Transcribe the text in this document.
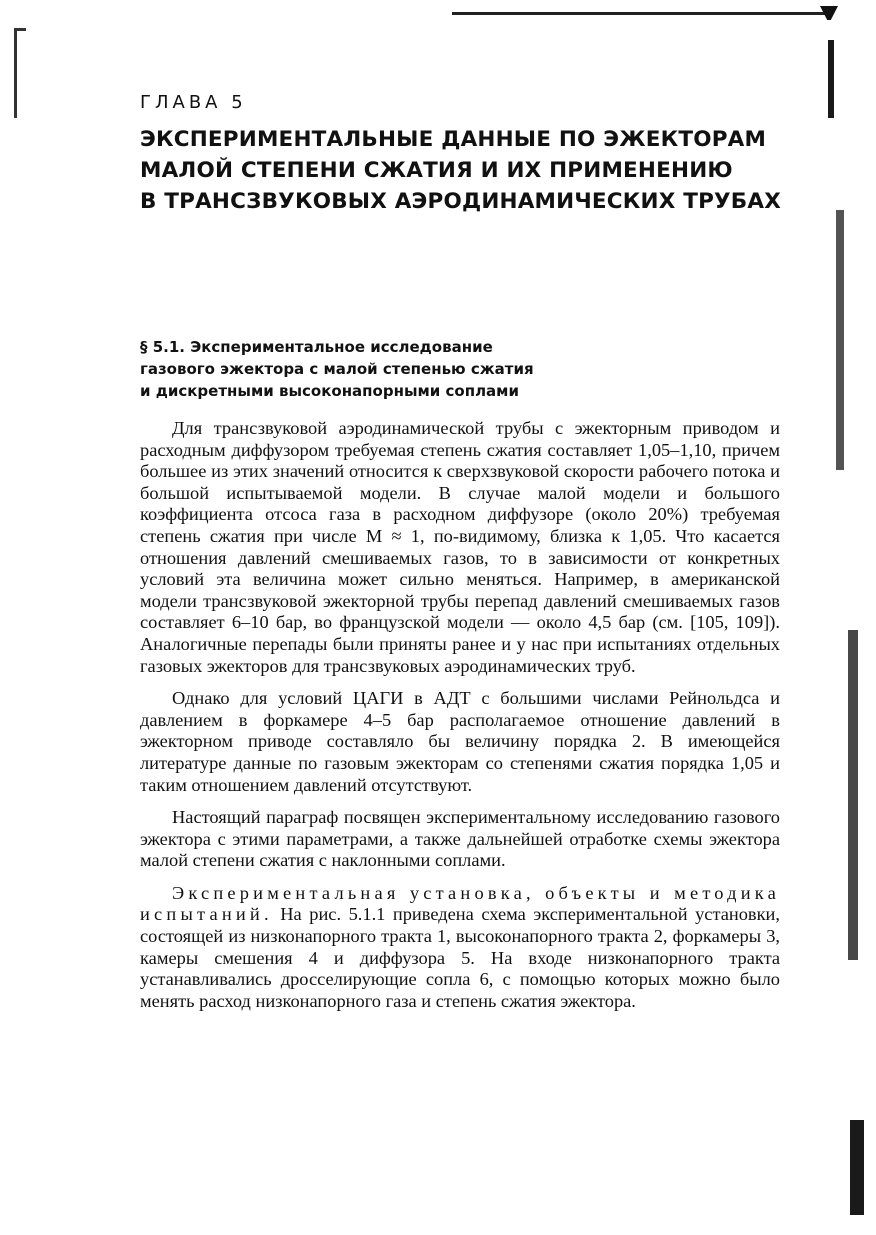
ГЛАВА 5
ЭКСПЕРИМЕНТАЛЬНЫЕ ДАННЫЕ ПО ЭЖЕКТОРАМ
МАЛОЙ СТЕПЕНИ СЖАТИЯ И ИХ ПРИМЕНЕНИЮ
В ТРАНСЗВУКОВЫХ АЭРОДИНАМИЧЕСКИХ ТРУБАХ
§ 5.1. Экспериментальное исследование
газового эжектора с малой степенью сжатия
и дискретными высоконапорными соплами

Для трансзвуковой аэродинамической трубы с эжекторным приводом и расходным диффузором требуемая степень сжатия составляет 1,05–1,10, причем большее из этих значений относится к сверхзвуковой скорости рабочего потока и большой испытываемой модели. В случае малой модели и большого коэффициента отсоса газа в расходном диффузоре (около 20%) требуемая степень сжатия при числе M ≈ 1, по-видимому, близка к 1,05. Что касается отношения давлений смешиваемых газов, то в зависимости от конкретных условий эта величина может сильно меняться. Например, в американской модели трансзвуковой эжекторной трубы перепад давлений смешиваемых газов составляет 6–10 бар, во французской модели — около 4,5 бар (см. [105, 109]). Аналогичные перепады были приняты ранее и у нас при испытаниях отдельных газовых эжекторов для трансзвуковых аэродинамических труб.

Однако для условий ЦАГИ в АДТ с большими числами Рейнольдса и давлением в форкамере 4–5 бар располагаемое отношение давлений в эжекторном приводе составляло бы величину порядка 2. В имеющейся литературе данные по газовым эжекторам со степенями сжатия порядка 1,05 и таким отношением давлений отсутствуют.

Настоящий параграф посвящен экспериментальному исследованию газового эжектора с этими параметрами, а также дальнейшей отработке схемы эжектора малой степени сжатия с наклонными соплами.

Экспериментальная установка, объекты и методика испытаний. На рис. 5.1.1 приведена схема экспериментальной установки, состоящей из низконапорного тракта 1, высоконапорного тракта 2, форкамеры 3, камеры смешения 4 и диффузора 5. На входе низконапорного тракта устанавливались дросселирующие сопла 6, с помощью которых можно было менять расход низконапорного газа и степень сжатия эжектора.
